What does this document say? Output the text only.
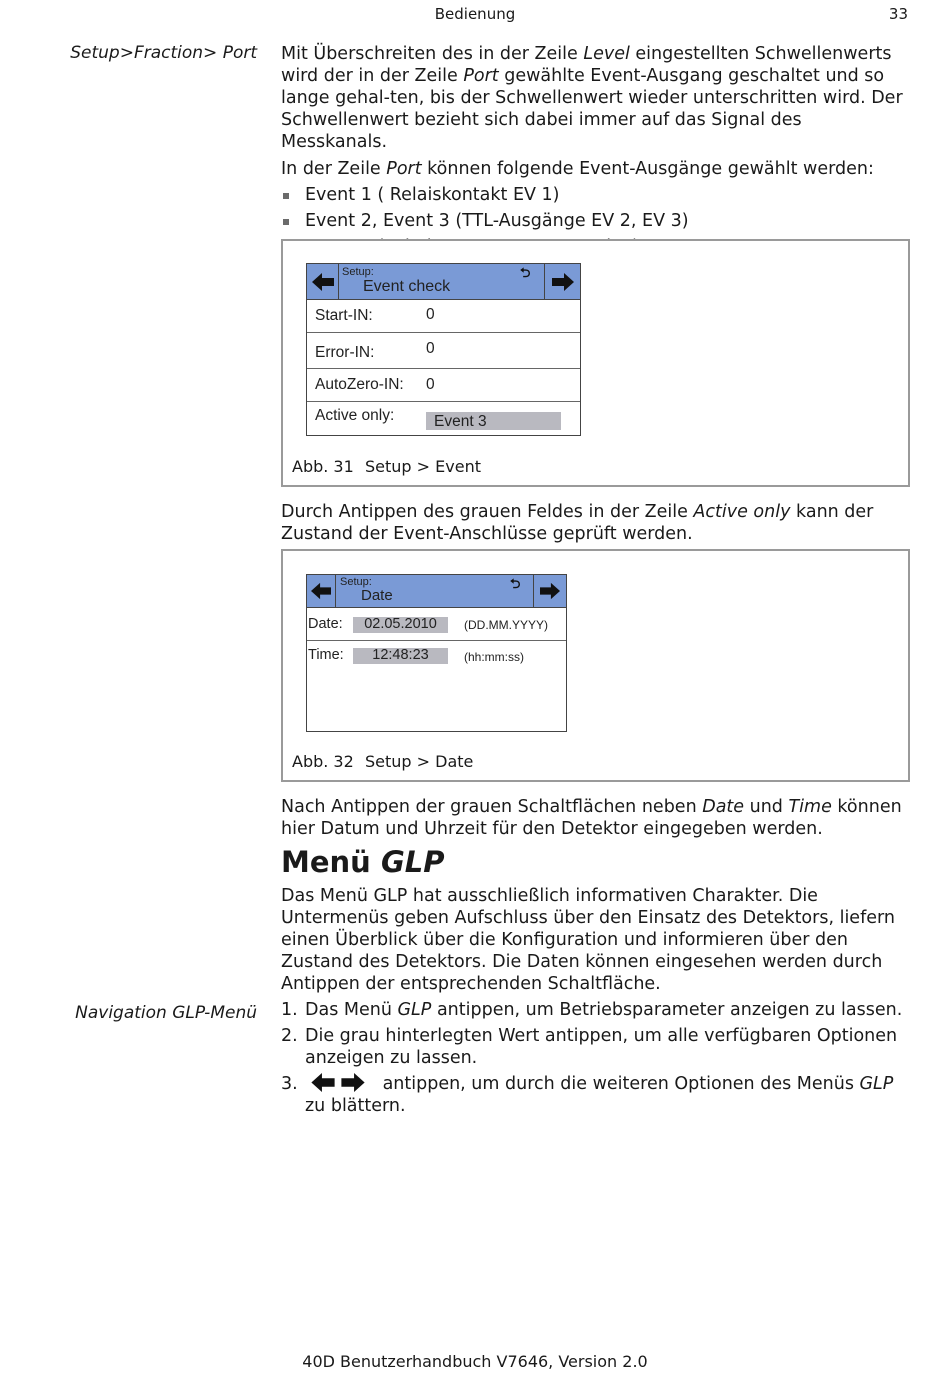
Bedienung	33
Setup>Fraction> Port
Navigation GLP-Menü

Mit Überschreiten des in der Zeile Level eingestellten Schwellenwerts wird der in der Zeile Port gewählte Event-Ausgang geschaltet und so lange gehal-ten, bis der Schwellenwert wieder unterschritten wird. Der Schwellenwert bezieht sich dabei immer auf das Signal des Messkanals.

In der Zeile Port können folgende Event-Ausgänge gewählt werden:

Event 1 ( Relaiskontakt EV 1)
Event 2, Event 3 (TTL-Ausgänge EV 2, EV 3)
Setup:
Event check
⮌
Start-IN:	0
Error-IN:	0
AutoZero-IN: 0
Active only:	Event 3
Abb. 31 Setup > Event
Durch Antippen des grauen Feldes in der Zeile Active only kann der Zustand der Event-Anschlüsse geprüft werden.
Setup:
Date
⮌
Date:	02.05.2010	(DD.MM.YYYY)
Time:	12:48:23	(hh:mm:ss)
Abb. 32 Setup > Date
Nach Antippen der grauen Schaltflächen neben Date und Time können hier Datum und Uhrzeit für den Detektor eingegeben werden.
Menü GLP

Das Menü GLP hat ausschließlich informativen Charakter. Die Untermenüs geben Aufschluss über den Einsatz des Detektors, liefern einen Überblick über die Konfiguration und informieren über den Zustand des Detektors. Die Daten können eingesehen werden durch Antippen der entsprechenden Schaltfläche.

1. Das Menü GLP antippen, um Betriebsparameter anzeigen zu lassen.
2. Die grau hinterlegten Wert antippen, um alle verfügbaren Optionen anzeigen zu lassen.
3.	antippen, um durch die weiteren Optionen des Menüs GLP zu blättern.
40D Benutzerhandbuch V7646, Version 2.0
